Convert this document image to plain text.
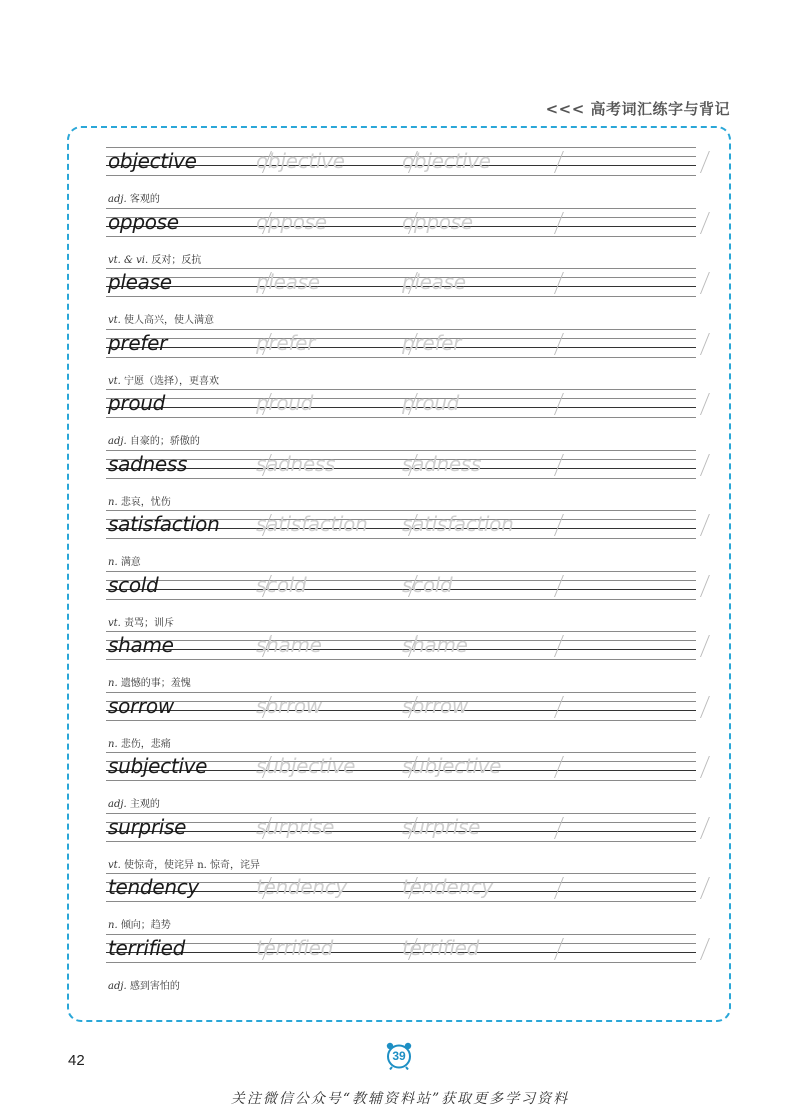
<<< 高考词汇练字与背记
objective	objective	objective
adj. 客观的
oppose	oppose	oppose
vt. & vi. 反对；反抗
please	please	please
vt. 使人高兴，使人满意
prefer	prefer	prefer
vt. 宁愿（选择），更喜欢
proud	proud	proud
adj. 自豪的；骄傲的
sadness	sadness	sadness
n. 悲哀，忧伤
satisfaction satisfaction satisfaction
n. 满意
scold	scold	scold
vt. 责骂；训斥
shame	shame	shame
n. 遗憾的事；羞愧
sorrow	sorrow	sorrow
n. 悲伤，悲痛
subjective subjective subjective
adj. 主观的
surprise	surprise	surprise
vt. 使惊奇，使诧异 n. 惊奇，诧异
tendency	tendency	tendency
n. 倾向；趋势
terrified	terrified	terrified
adj. 感到害怕的
42	39
关注微信公众号“教辅资料站”获取更多学习资料
